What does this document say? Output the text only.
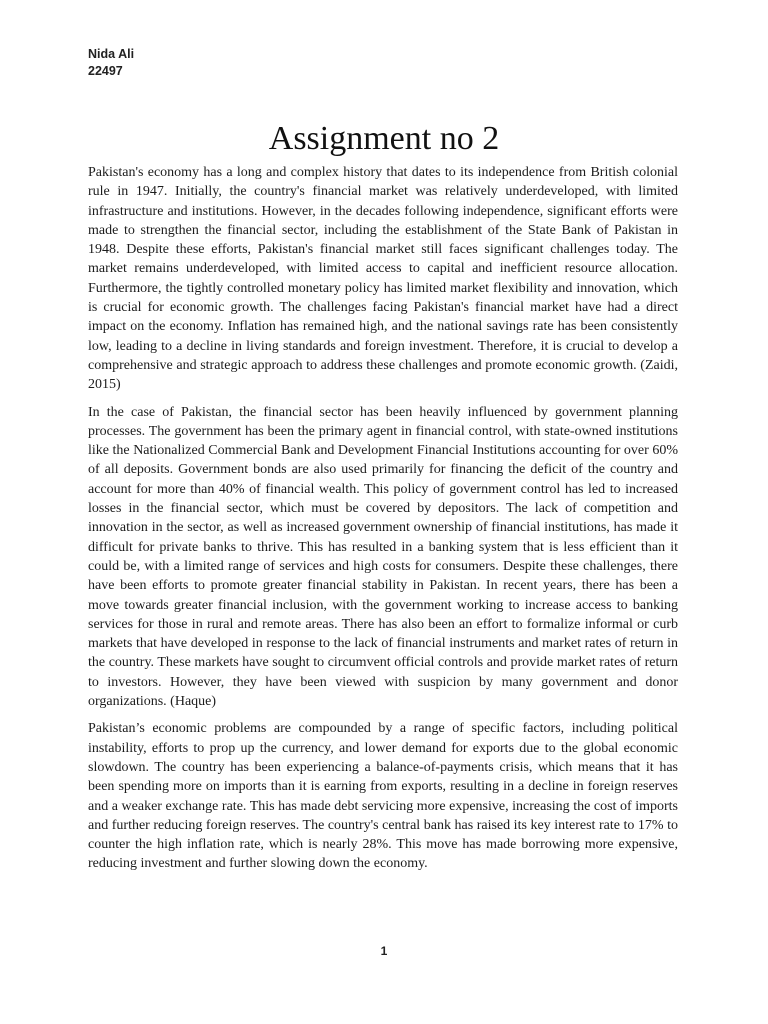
Nida Ali
22497
Assignment no 2

Pakistan's economy has a long and complex history that dates to its independence from British colonial rule in 1947. Initially, the country's financial market was relatively underdeveloped, with limited infrastructure and institutions. However, in the decades following independence, significant efforts were made to strengthen the financial sector, including the establishment of the State Bank of Pakistan in 1948. Despite these efforts, Pakistan's financial market still faces significant challenges today. The market remains underdeveloped, with limited access to capital and inefficient resource allocation. Furthermore, the tightly controlled monetary policy has limited market flexibility and innovation, which is crucial for economic growth. The challenges facing Pakistan's financial market have had a direct impact on the economy. Inflation has remained high, and the national savings rate has been consistently low, leading to a decline in living standards and foreign investment. Therefore, it is crucial to develop a comprehensive and strategic approach to address these challenges and promote economic growth. (Zaidi, 2015)

In the case of Pakistan, the financial sector has been heavily influenced by government planning processes. The government has been the primary agent in financial control, with state-owned institutions like the Nationalized Commercial Bank and Development Financial Institutions accounting for over 60% of all deposits. Government bonds are also used primarily for financing the deficit of the country and account for more than 40% of financial wealth. This policy of government control has led to increased losses in the financial sector, which must be covered by depositors. The lack of competition and innovation in the sector, as well as increased government ownership of financial institutions, has made it difficult for private banks to thrive. This has resulted in a banking system that is less efficient than it could be, with a limited range of services and high costs for consumers. Despite these challenges, there have been efforts to promote greater financial stability in Pakistan. In recent years, there has been a move towards greater financial inclusion, with the government working to increase access to banking services for those in rural and remote areas. There has also been an effort to formalize informal or curb markets that have developed in response to the lack of financial instruments and market rates of return in the country. These markets have sought to circumvent official controls and provide market rates of return to investors. However, they have been viewed with suspicion by many government and donor organizations. (Haque)

Pakistan’s economic problems are compounded by a range of specific factors, including political instability, efforts to prop up the currency, and lower demand for exports due to the global economic slowdown. The country has been experiencing a balance-of-payments crisis, which means that it has been spending more on imports than it is earning from exports, resulting in a decline in foreign reserves and a weaker exchange rate. This has made debt servicing more expensive, increasing the cost of imports and further reducing foreign reserves. The country's central bank has raised its key interest rate to 17% to counter the high inflation rate, which is nearly 28%. This move has made borrowing more expensive, reducing investment and further slowing down the economy.

1
